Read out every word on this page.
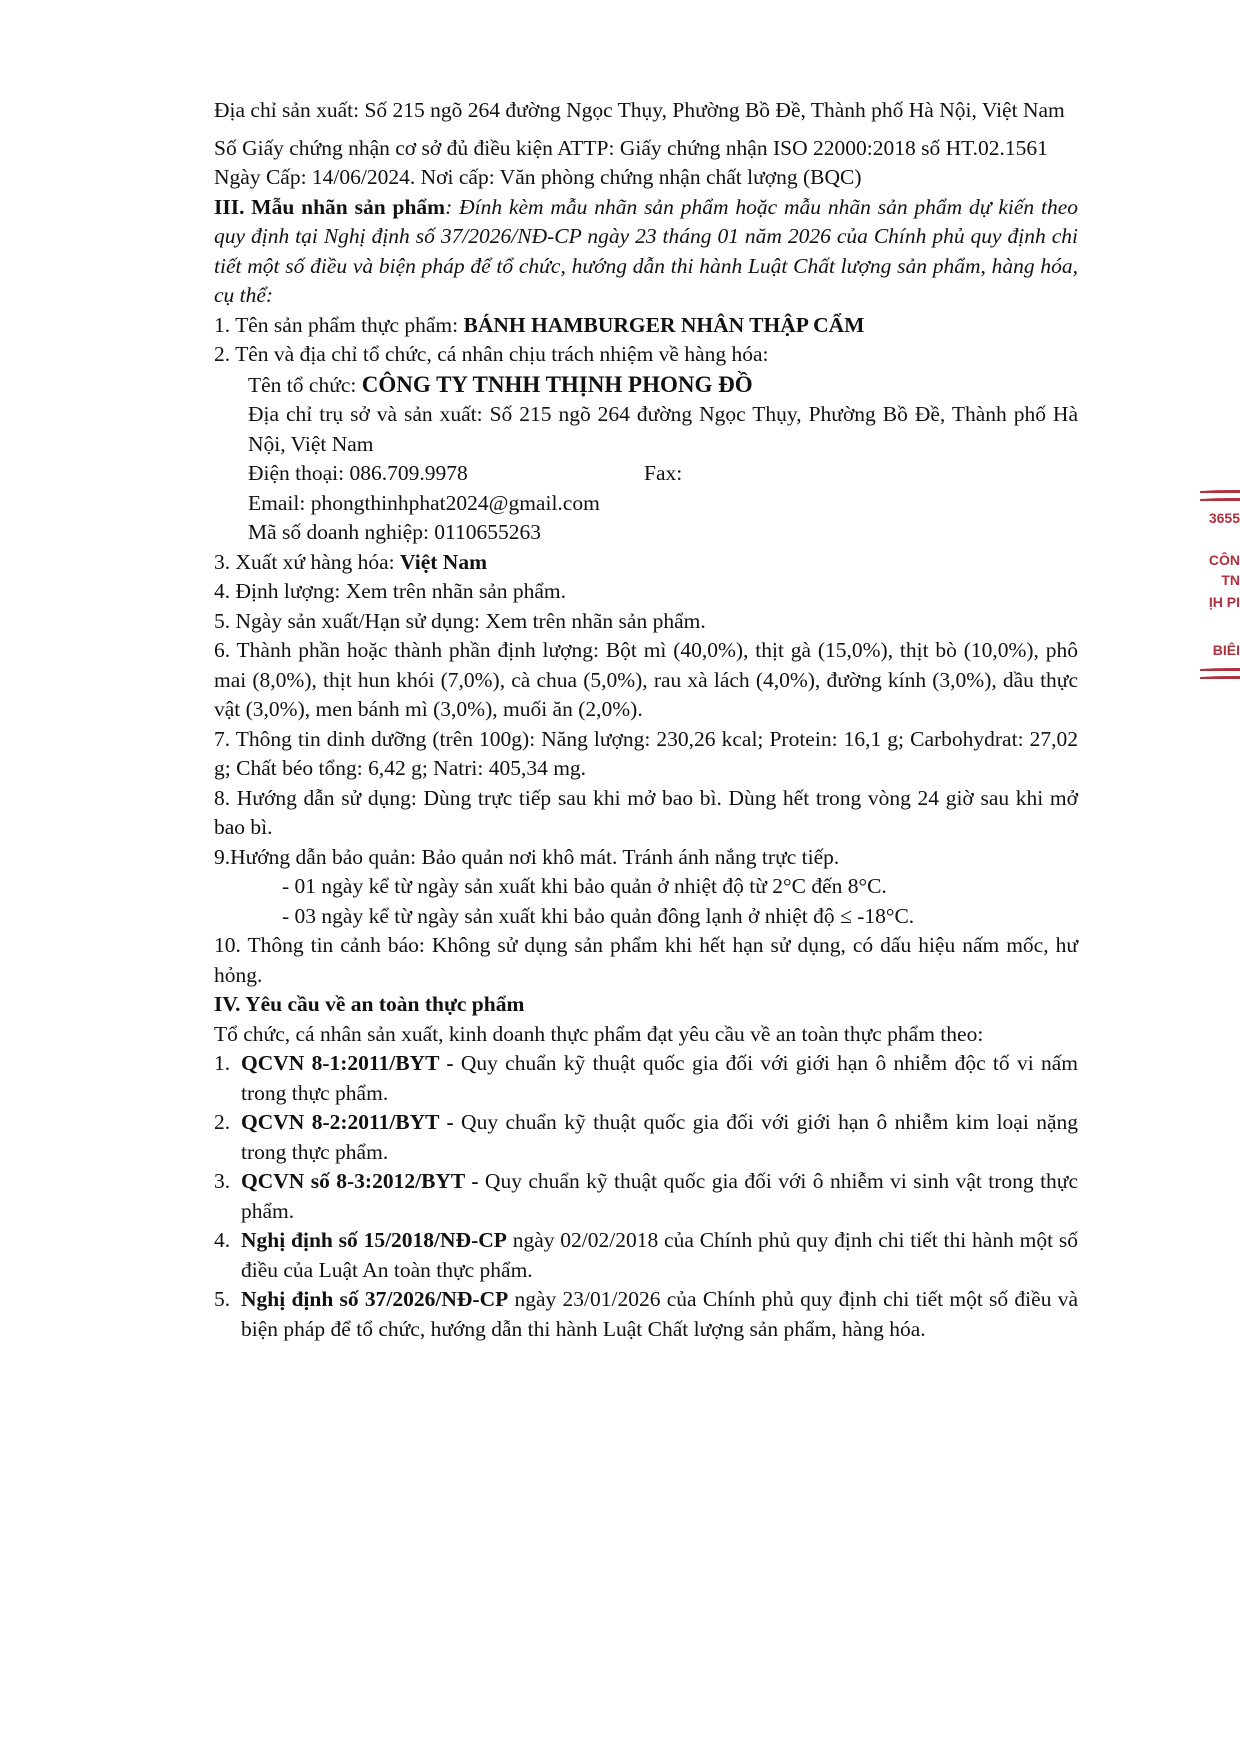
Địa chỉ sản xuất: Số 215 ngõ 264 đường Ngọc Thụy, Phường Bồ Đề, Thành phố Hà Nội, Việt Nam

Số Giấy chứng nhận cơ sở đủ điều kiện ATTP: Giấy chứng nhận ISO 22000:2018 số HT.02.1561

Ngày Cấp: 14/06/2024. Nơi cấp: Văn phòng chứng nhận chất lượng (BQC)

III. Mẫu nhãn sản phẩm: Đính kèm mẫu nhãn sản phẩm hoặc mẫu nhãn sản phẩm dự kiến theo quy định tại Nghị định số 37/2026/NĐ-CP ngày 23 tháng 01 năm 2026 của Chính phủ quy định chi tiết một số điều và biện pháp để tổ chức, hướng dẫn thi hành Luật Chất lượng sản phẩm, hàng hóa, cụ thể:

1. Tên sản phẩm thực phẩm: BÁNH HAMBURGER NHÂN THẬP CẨM

2. Tên và địa chỉ tổ chức, cá nhân chịu trách nhiệm về hàng hóa:

Tên tổ chức: CÔNG TY TNHH THỊNH PHONG ĐỒ

Địa chỉ trụ sở và sản xuất: Số 215 ngõ 264 đường Ngọc Thụy, Phường Bồ Đề, Thành phố Hà Nội, Việt Nam

Điện thoại: 086.709.9978	Fax:

Email: phongthinhphat2024@gmail.com

Mã số doanh nghiệp: 0110655263

3. Xuất xứ hàng hóa: Việt Nam

4. Định lượng: Xem trên nhãn sản phẩm.

5. Ngày sản xuất/Hạn sử dụng: Xem trên nhãn sản phẩm.

6. Thành phần hoặc thành phần định lượng: Bột mì (40,0%), thịt gà (15,0%), thịt bò (10,0%), phô mai (8,0%), thịt hun khói (7,0%), cà chua (5,0%), rau xà lách (4,0%), đường kính (3,0%), dầu thực vật (3,0%), men bánh mì (3,0%), muối ăn (2,0%).

7. Thông tin dinh dưỡng (trên 100g): Năng lượng: 230,26 kcal; Protein: 16,1 g; Carbohydrat: 27,02 g; Chất béo tổng: 6,42 g; Natri: 405,34 mg.

8. Hướng dẫn sử dụng: Dùng trực tiếp sau khi mở bao bì. Dùng hết trong vòng 24 giờ sau khi mở bao bì.

9.Hướng dẫn bảo quản: Bảo quản nơi khô mát. Tránh ánh nắng trực tiếp.

- 01 ngày kể từ ngày sản xuất khi bảo quản ở nhiệt độ từ 2°C đến 8°C.

- 03 ngày kể từ ngày sản xuất khi bảo quản đông lạnh ở nhiệt độ ≤ -18°C.

10. Thông tin cảnh báo: Không sử dụng sản phẩm khi hết hạn sử dụng, có dấu hiệu nấm mốc, hư hỏng.

IV. Yêu cầu về an toàn thực phẩm

Tổ chức, cá nhân sản xuất, kinh doanh thực phẩm đạt yêu cầu về an toàn thực phẩm theo:

1. QCVN 8-1:2011/BYT - Quy chuẩn kỹ thuật quốc gia đối với giới hạn ô nhiễm độc tố vi nấm trong thực phẩm.
2. QCVN 8-2:2011/BYT - Quy chuẩn kỹ thuật quốc gia đối với giới hạn ô nhiễm kim loại nặng trong thực phẩm.
3. QCVN số 8-3:2012/BYT - Quy chuẩn kỹ thuật quốc gia đối với ô nhiễm vi sinh vật trong thực phẩm.
4. Nghị định số 15/2018/NĐ-CP ngày 02/02/2018 của Chính phủ quy định chi tiết thi hành một số điều của Luật An toàn thực phẩm.
5. Nghị định số 37/2026/NĐ-CP ngày 23/01/2026 của Chính phủ quy định chi tiết một số điều và biện pháp để tổ chức, hướng dẫn thi hành Luật Chất lượng sản phẩm, hàng hóa.
3655
CÔN
TN
ỊH PI
BIÊI
